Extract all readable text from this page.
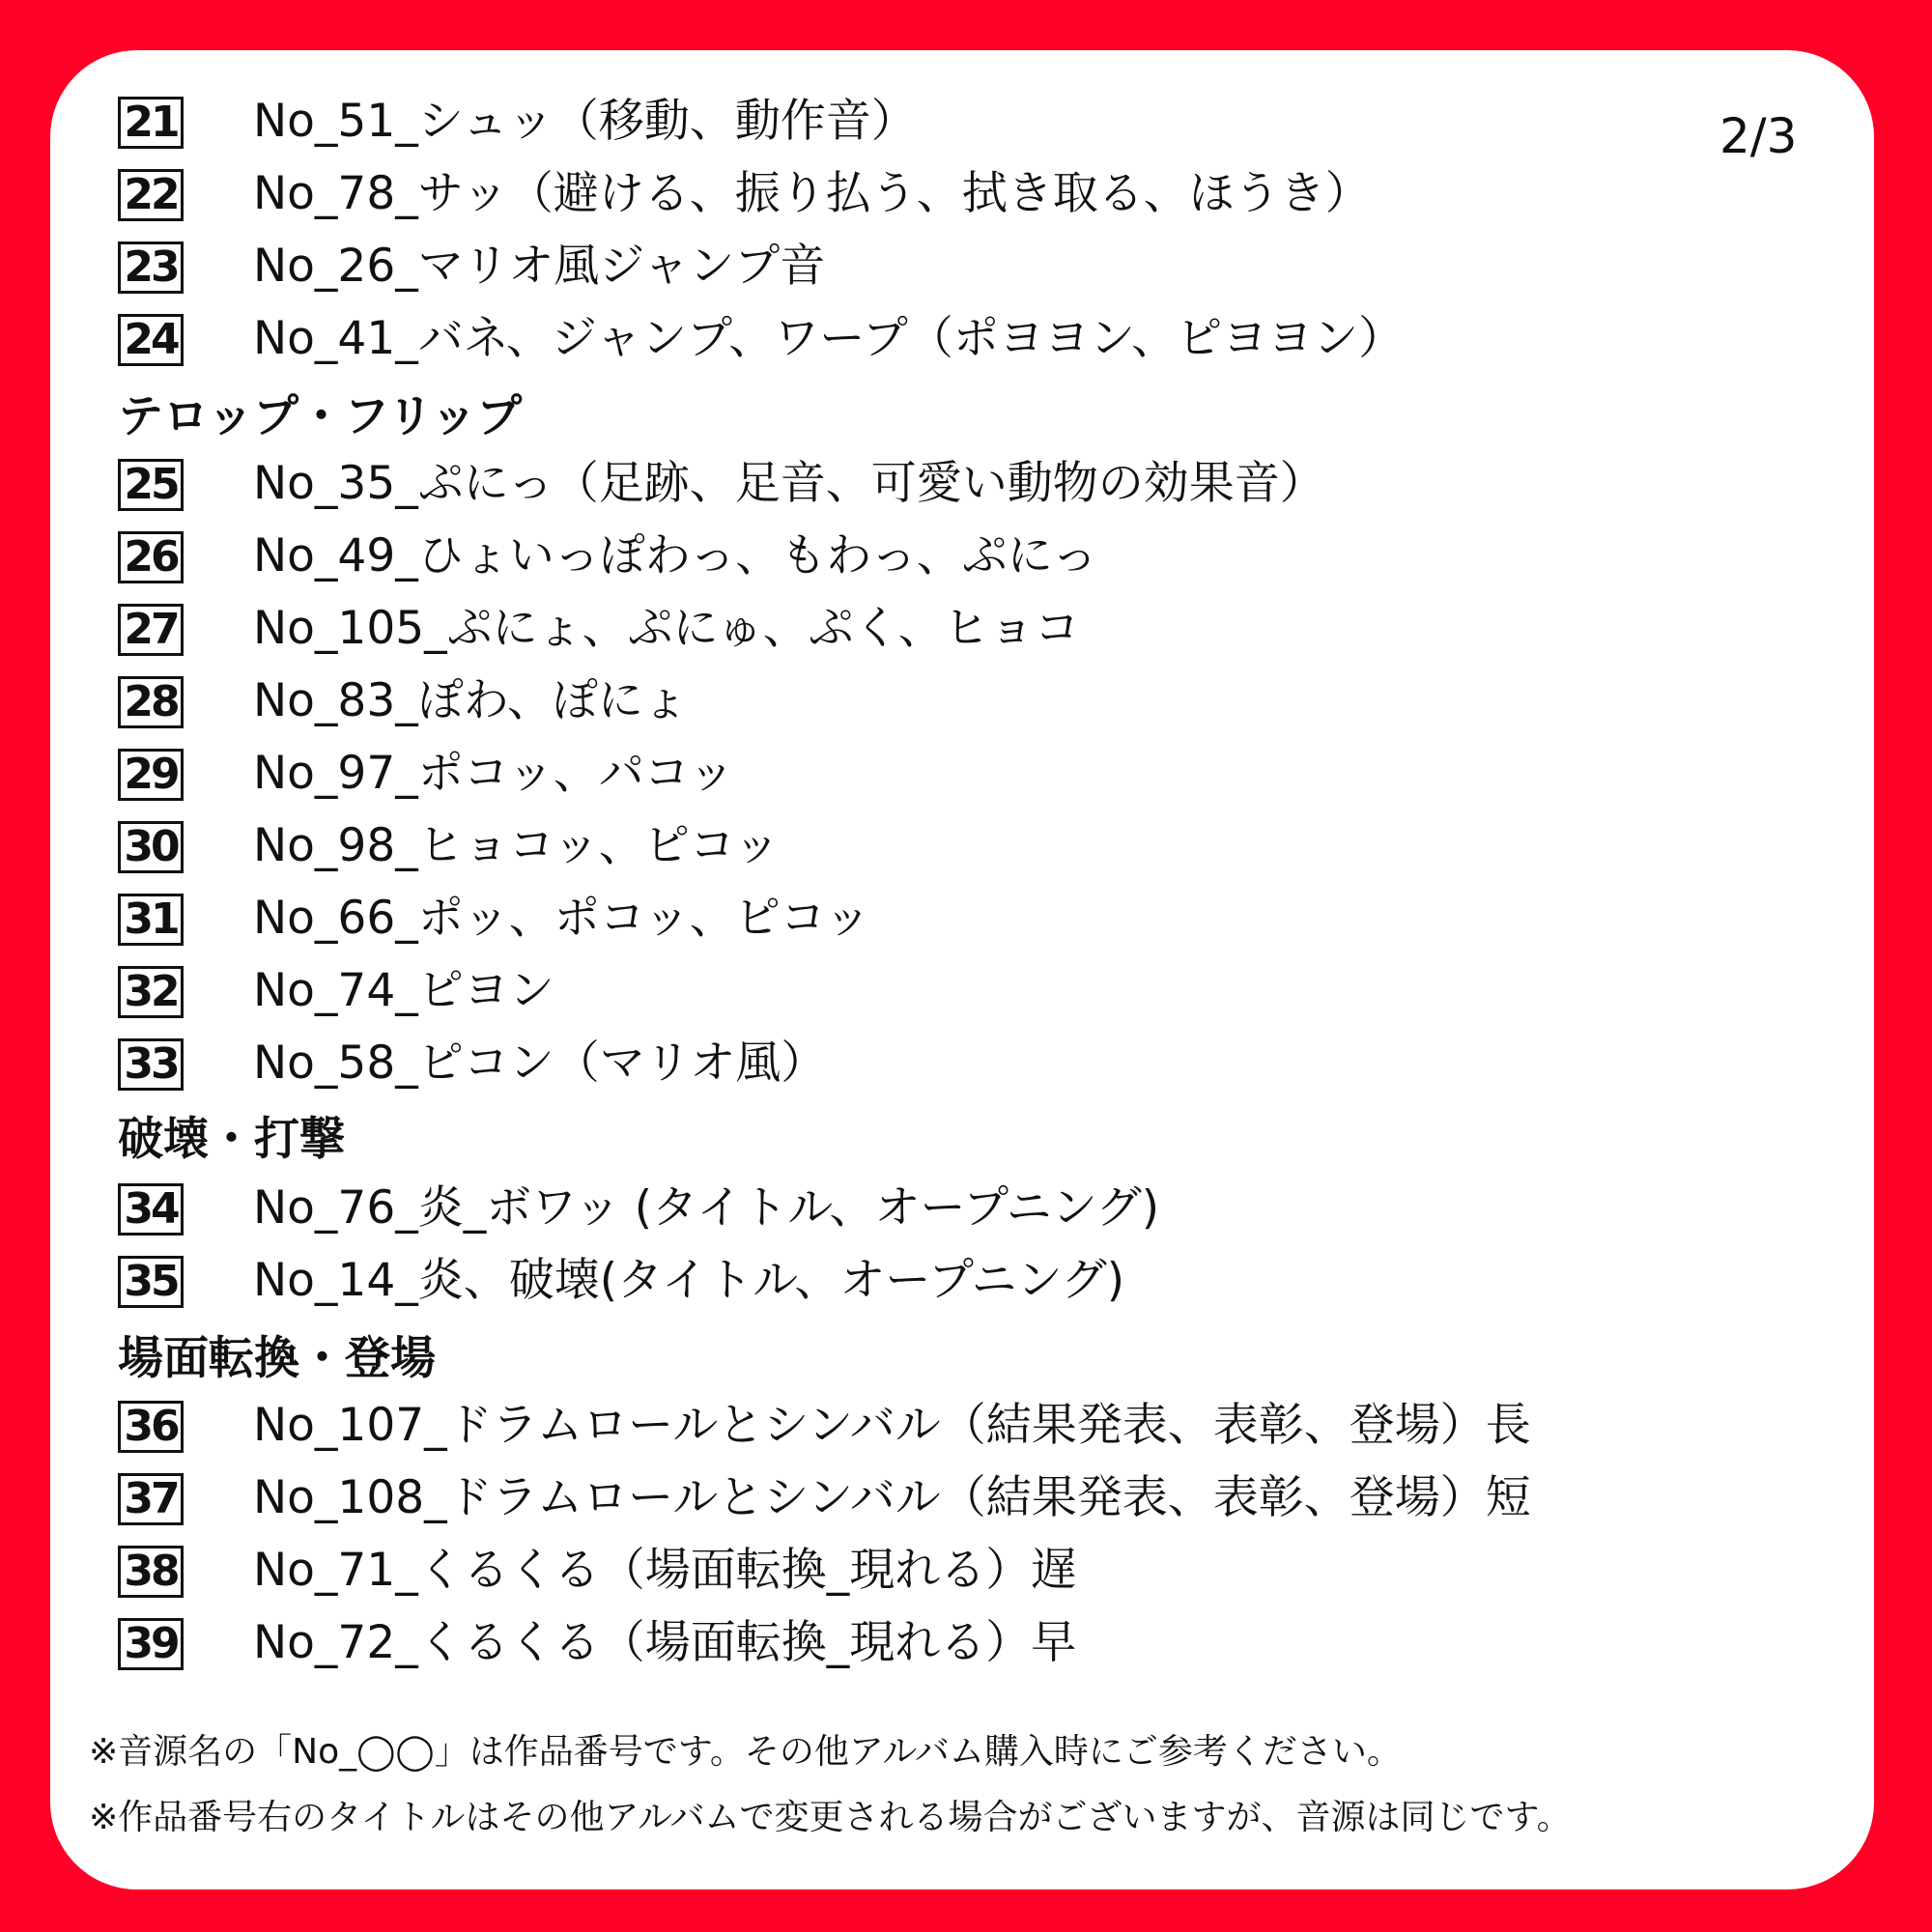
2/3
21 No_51_シュッ（移動、動作音）
22 No_78_サッ（避ける、振り払う、拭き取る、ほうき）
23 No_26_マリオ風ジャンプ音
24 No_41_バネ、ジャンプ、ワープ（ポヨヨン、ピヨヨン）
テロップ・フリップ
25 No_35_ぷにっ（足跡、足音、可愛い動物の効果音）
26 No_49_ひょいっぽわっ、もわっ、ぷにっ
27 No_105_ぷにょ、ぷにゅ、ぷく、ヒョコ
28 No_83_ぽわ、ぽにょ
29 No_97_ポコッ、パコッ
30 No_98_ヒョコッ、ピコッ
31 No_66_ポッ、ポコッ、ピコッ
32 No_74_ピヨン
33 No_58_ピコン（マリオ風）
破壊・打撃
34 No_76_炎_ボワッ (タイトル、オープニング)
35 No_14_炎、破壊(タイトル、オープニング)
場面転換・登場
36 No_107_ドラムロールとシンバル（結果発表、表彰、登場）長
37 No_108_ドラムロールとシンバル（結果発表、表彰、登場）短
38 No_71_くるくる（場面転換_現れる）遅
39 No_72_くるくる（場面転換_現れる）早
※音源名の「No_◯◯」は作品番号です。その他アルバム購入時にご参考ください。
※作品番号右のタイトルはその他アルバムで変更される場合がございますが、音源は同じです。
